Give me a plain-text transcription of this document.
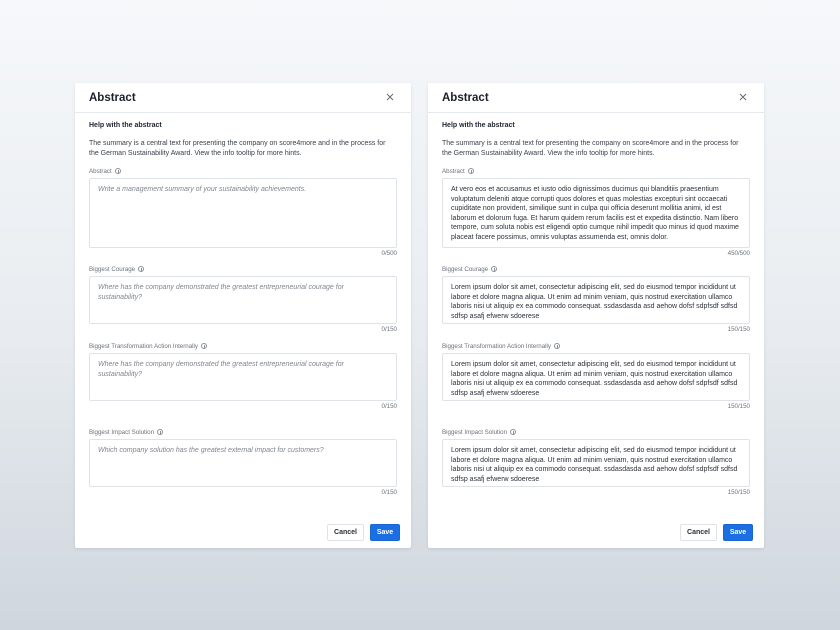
Abstract
Help with the abstract
The summary is a central text for presenting the company on score4more and in the process for the German Sustainability Award. View the info tooltip for more hints.
Abstract
Write a management summary of your sustainability achievements.
0/500
Biggest Courage
Where has the company demonstrated the greatest entrepreneurial courage for sustainability?
0/150
Biggest Transformation Action Internally
Where has the company demonstrated the greatest entrepreneurial courage for sustainability?
0/150
Biggest Impact Solution
Which company solution has the greatest external impact for customers?
0/150
Cancel	Save
Abstract
Help with the abstract
The summary is a central text for presenting the company on score4more and in the process for the German Sustainability Award. View the info tooltip for more hints.
Abstract
At vero eos et accusamus et iusto odio dignissimos ducimus qui blanditiis praesentium voluptatum deleniti atque corrupti quos dolores et quas molestias excepturi sint occaecati cupiditate non provident, similique sunt in culpa qui officia deserunt mollitia animi, id est laborum et dolorum fuga. Et harum quidem rerum facilis est et expedita distinctio. Nam libero tempore, cum soluta nobis est eligendi optio cumque nihil impedit quo minus id quod maxime placeat facere possimus, omnis voluptas assumenda est, omnis dolor.
450/500
Biggest Courage
Lorem ipsum dolor sit amet, consectetur adipiscing elit, sed do eiusmod tempor incididunt ut labore et dolore magna aliqua. Ut enim ad minim veniam, quis nostrud exercitation ullamco laboris nisi ut aliquip ex ea commodo consequat. ssdasdasda asd aehow dofsf sdpfsdf sdfsd sdfsp asafj efwerw sdoerese
150/150
Biggest Transformation Action Internally
Lorem ipsum dolor sit amet, consectetur adipiscing elit, sed do eiusmod tempor incididunt ut labore et dolore magna aliqua. Ut enim ad minim veniam, quis nostrud exercitation ullamco laboris nisi ut aliquip ex ea commodo consequat. ssdasdasda asd aehow dofsf sdpfsdf sdfsd sdfsp asafj efwerw sdoerese
150/150
Biggest Impact Solution
Lorem ipsum dolor sit amet, consectetur adipiscing elit, sed do eiusmod tempor incididunt ut labore et dolore magna aliqua. Ut enim ad minim veniam, quis nostrud exercitation ullamco laboris nisi ut aliquip ex ea commodo consequat. ssdasdasda asd aehow dofsf sdpfsdf sdfsd sdfsp asafj efwerw sdoerese
150/150
Cancel	Save
